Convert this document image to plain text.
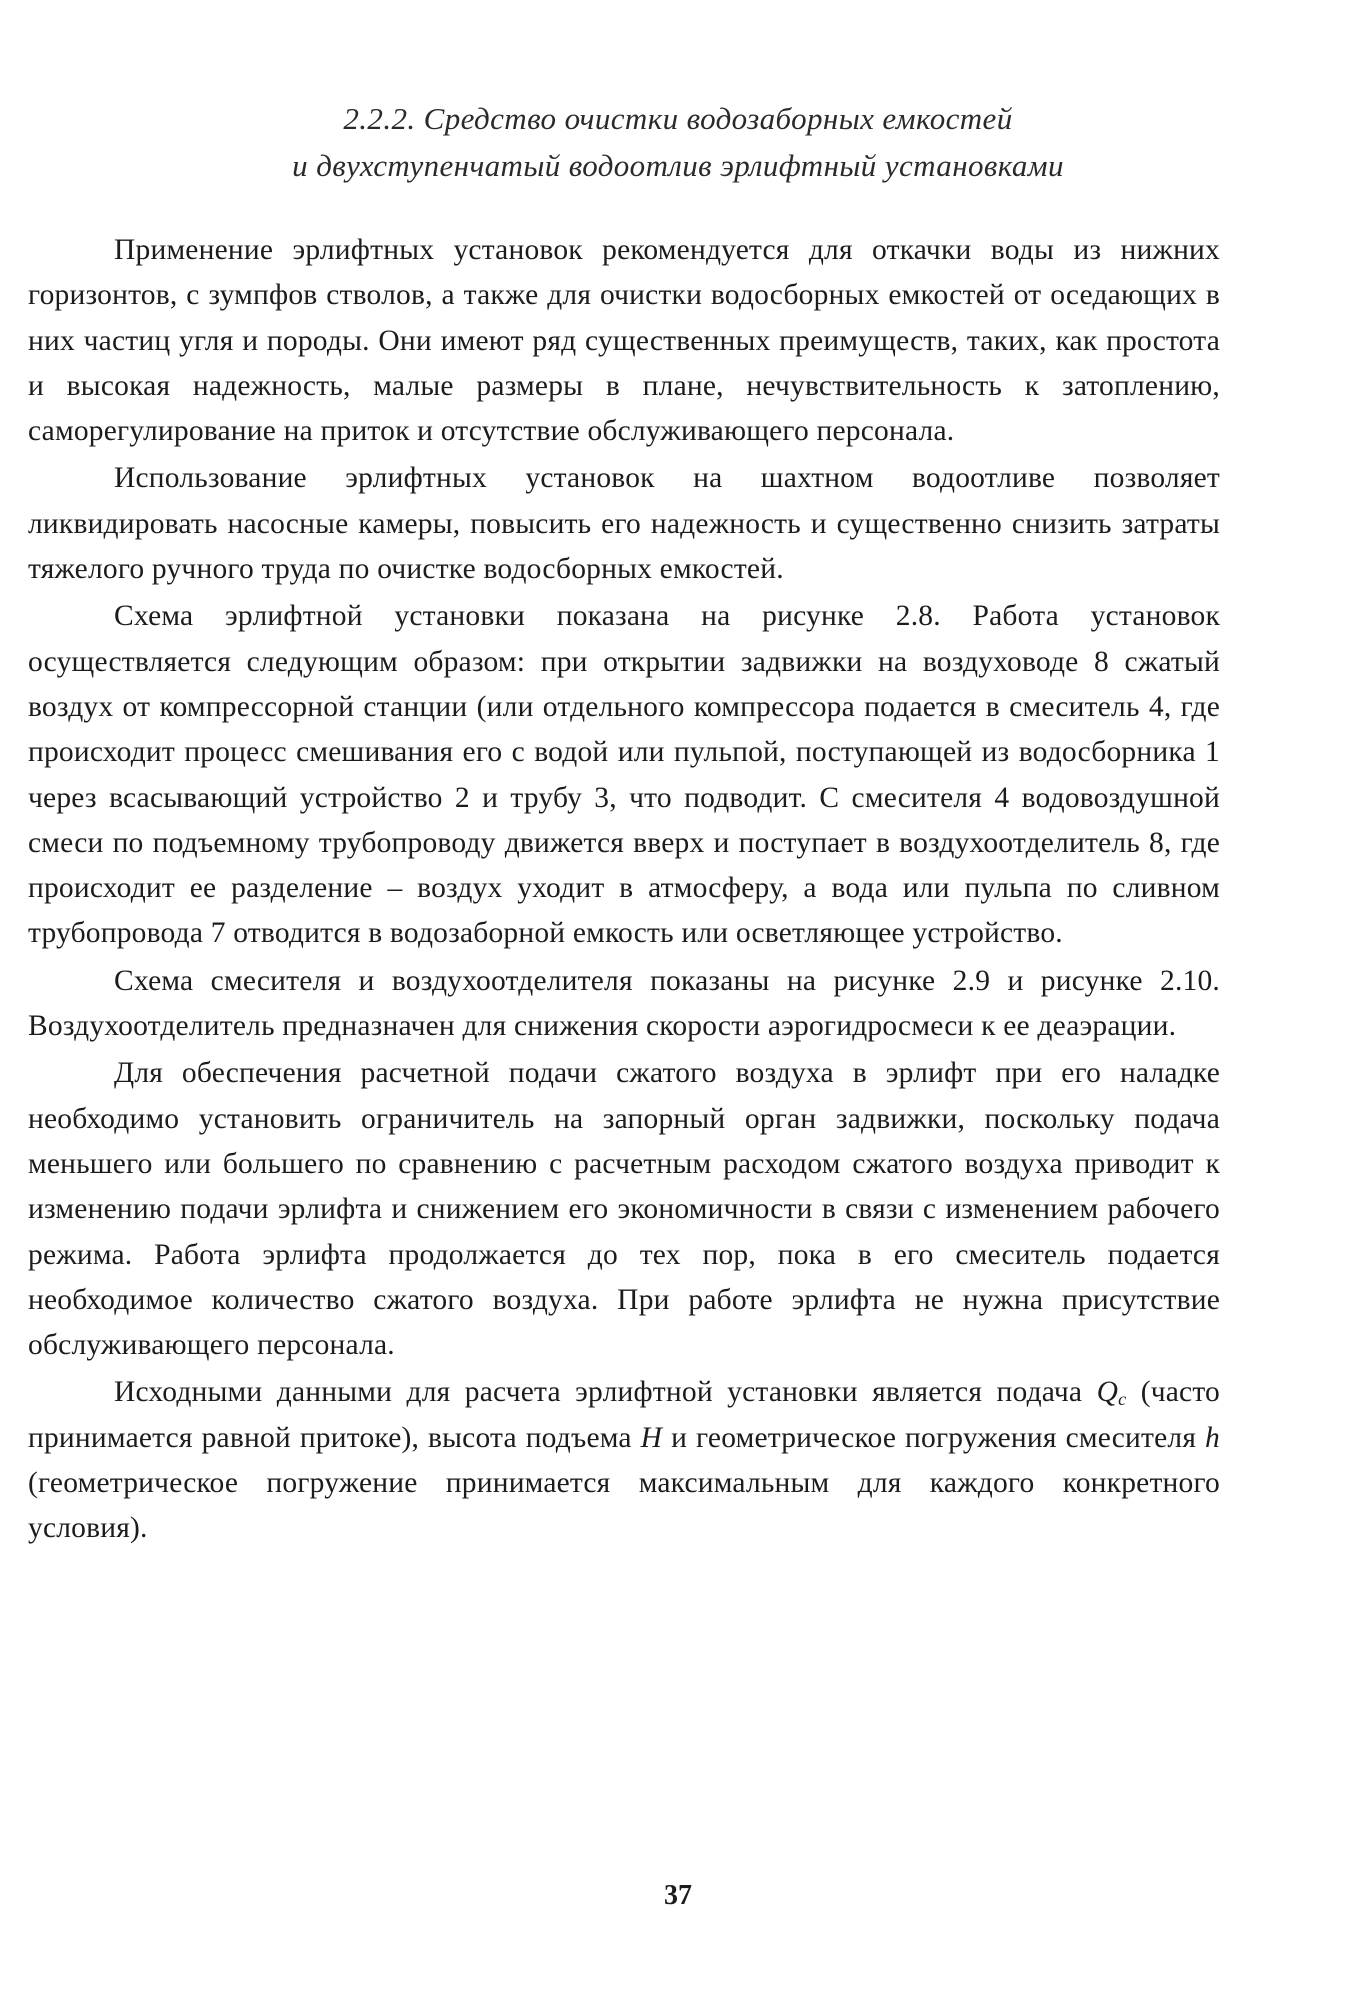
2.2.2. Средство очистки водозаборных емкостей
и двухступенчатый водоотлив эрлифтный установками

Применение эрлифтных установок рекомендуется для откачки воды из нижних горизонтов, с зумпфов стволов, а также для очистки водосборных емкостей от оседающих в них частиц угля и породы. Они имеют ряд существенных преимуществ, таких, как простота и высокая надежность, малые размеры в плане, нечувствительность к затоплению, саморегулирование на приток и отсутствие обслуживающего персонала.

Использование эрлифтных установок на шахтном водоотливе позволяет ликвидировать насосные камеры, повысить его надежность и существенно снизить затраты тяжелого ручного труда по очистке водосборных емкостей.

Схема эрлифтной установки показана на рисунке 2.8. Работа установок осуществляется следующим образом: при открытии задвижки на воздуховоде 8 сжатый воздух от компрессорной станции (или отдельного компрессора подается в смеситель 4, где происходит процесс смешивания его с водой или пульпой, поступающей из водосборника 1 через всасывающий устройство 2 и трубу 3, что подводит. С смесителя 4 водовоздушной смеси по подъемному трубопроводу движется вверх и поступает в воздухоотделитель 8, где происходит ее разделение – воздух уходит в атмосферу, а вода или пульпа по сливном трубопровода 7 отводится в водозаборной емкость или осветляющее устройство.

Схема смесителя и воздухоотделителя показаны на рисунке 2.9 и рисунке 2.10. Воздухоотделитель предназначен для снижения скорости аэрогидросмеси к ее деаэрации.

Для обеспечения расчетной подачи сжатого воздуха в эрлифт при его наладке необходимо установить ограничитель на запорный орган задвижки, поскольку подача меньшего или большего по сравнению с расчетным расходом сжатого воздуха приводит к изменению подачи эрлифта и снижением его экономичности в связи с изменением рабочего режима. Работа эрлифта продолжается до тех пор, пока в его смеситель подается необходимое количество сжатого воздуха. При работе эрлифта не нужна присутствие обслуживающего персонала.

Исходными данными для расчета эрлифтной установки является подача $Q_c$ (часто принимается равной притоке), высота подъема H и геометрическое погружения смесителя h (геометрическое погружение принимается максимальным для каждого конкретного условия).

37
